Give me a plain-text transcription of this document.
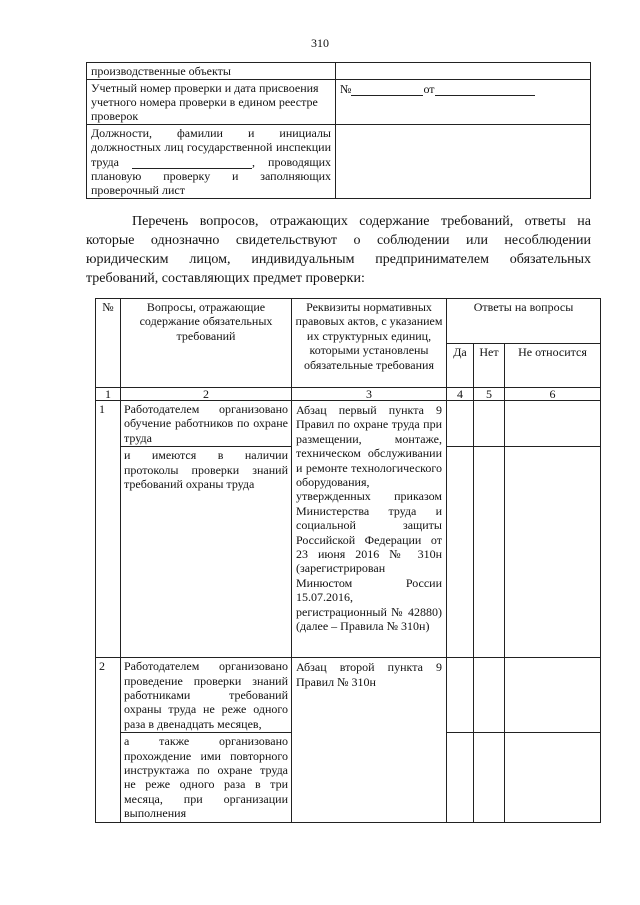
310
производственные объекты	
Учетный номер проверки и дата присвоения учетного номера проверки в едином реестре проверок	№ от
Должности, фамилии и инициалы должностных лиц государственной инспекции труда , проводящих плановую проверку и заполняющих проверочный лист	
Перечень вопросов, отражающих содержание требований, ответы на которые однозначно свидетельствуют о соблюдении или несоблюдении юридическим лицом, индивидуальным предпринимателем обязательных требований, составляющих предмет проверки:
№	Вопросы, отражающие содержание обязательных требований	Реквизиты нормативных правовых актов, с указанием их структурных единиц, которыми установлены обязательные требования	Ответы на вопросы		
			Да	Нет	Не относится
1	2	3	4	5	6
1	Работодателем организовано обучение работников по охране труда	Абзац первый пункта 9 Правил по охране труда при размещении, монтаже, техническом обслуживании и ремонте технологического оборудования, утвержденных приказом Министерства труда и социальной защиты Российской Федерации от 23 июня 2016 № 310н (зарегистрирован Минюстом России 15.07.2016, регистрационный № 42880) (далее – Правила № 310н)			
	и имеются в наличии протоколы проверки знаний требований охраны труда				
2	Работодателем организовано проведение проверки знаний работниками требований охраны труда не реже одного раза в двенадцать месяцев,	Абзац второй пункта 9 Правил № 310н			
	а также организовано прохождение ими повторного инструктажа по охране труда не реже одного раза в три месяца, при организации выполнения				
